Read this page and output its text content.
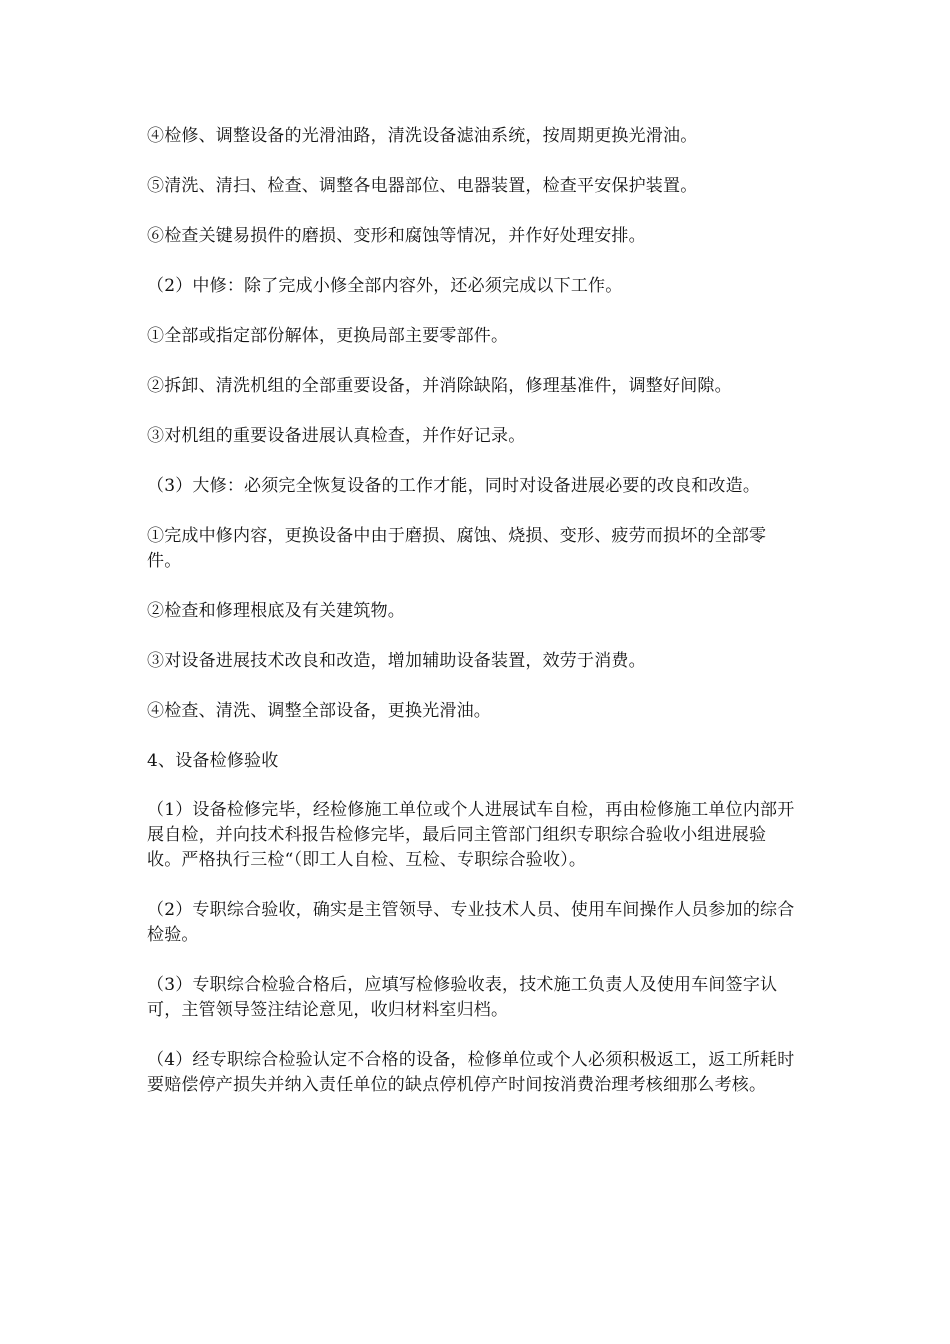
④检修、调整设备的光滑油路，清洗设备滤油系统，按周期更换光滑油。

⑤清洗、清扫、检查、调整各电器部位、电器装置，检查平安保护装置。

⑥检查关键易损件的磨损、变形和腐蚀等情况，并作好处理安排。

（2）中修：除了完成小修全部内容外，还必须完成以下工作。

①全部或指定部份解体，更换局部主要零部件。

②拆卸、清洗机组的全部重要设备，并消除缺陷，修理基准件，调整好间隙。

③对机组的重要设备进展认真检查，并作好记录。

（3）大修：必须完全恢复设备的工作才能，同时对设备进展必要的改良和改造。

①完成中修内容，更换设备中由于磨损、腐蚀、烧损、变形、疲劳而损坏的全部零件。

②检查和修理根底及有关建筑物。

③对设备进展技术改良和改造，增加辅助设备装置，效劳于消费。

④检查、清洗、调整全部设备，更换光滑油。

4、设备检修验收

（1）设备检修完毕，经检修施工单位或个人进展试车自检，再由检修施工单位内部开展自检，并向技术科报告检修完毕，最后同主管部门组织专职综合验收小组进展验收。严格执行三检“（即工人自检、互检、专职综合验收）。

（2）专职综合验收，确实是主管领导、专业技术人员、使用车间操作人员参加的综合检验。

（3）专职综合检验合格后，应填写检修验收表，技术施工负责人及使用车间签字认可，主管领导签注结论意见，收归材料室归档。

（4）经专职综合检验认定不合格的设备，检修单位或个人必须积极返工，返工所耗时要赔偿停产损失并纳入责任单位的缺点停机停产时间按消费治理考核细那么考核。
